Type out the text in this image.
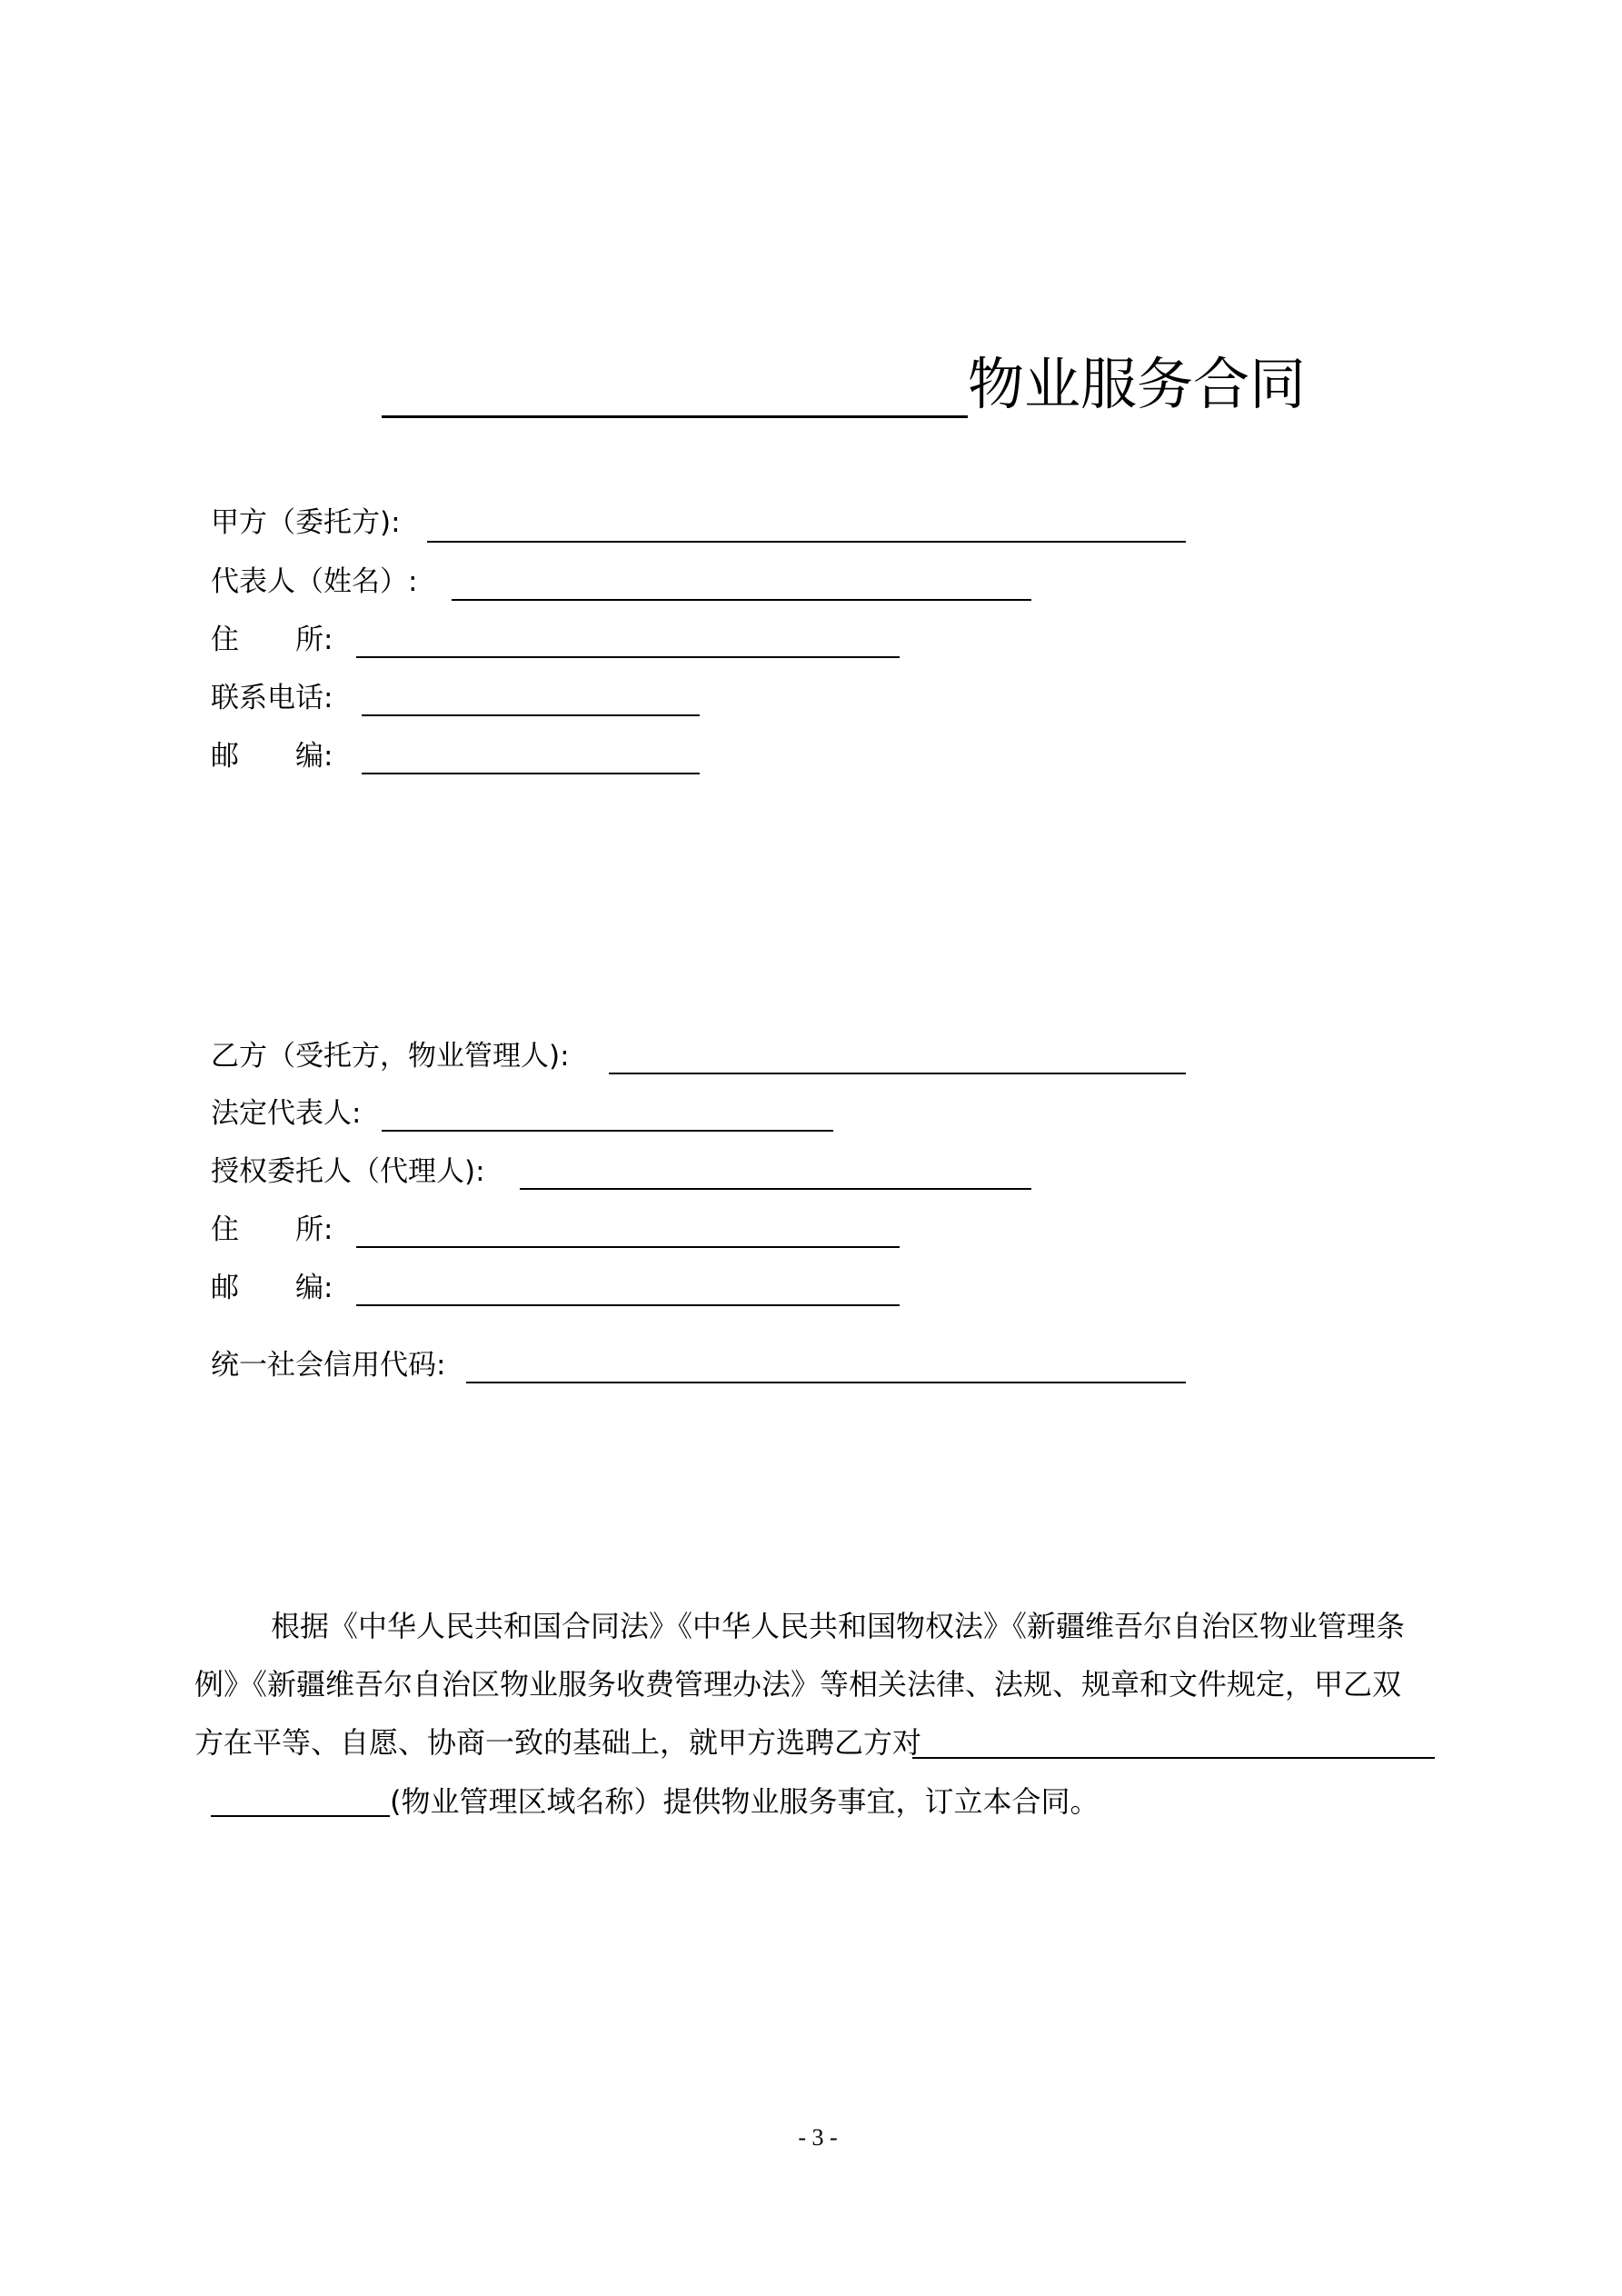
物业服务合同
甲方（委托方):
代表人（姓名）:
住　　所:
联系电话:
邮　　编:
乙方（受托方，物业管理人):
法定代表人:
授权委托人（代理人):
住　　所:
邮　　编:
统一社会信用代码:
根据《中华人民共和国合同法》《中华人民共和国物权法》《新疆维吾尔自治区物业管理条
例》《新疆维吾尔自治区物业服务收费管理办法》等相关法律、法规、规章和文件规定，甲乙双
方在平等、自愿、协商一致的基础上，就甲方选聘乙方对
(物业管理区域名称）提供物业服务事宜，订立本合同。
- 3 -
